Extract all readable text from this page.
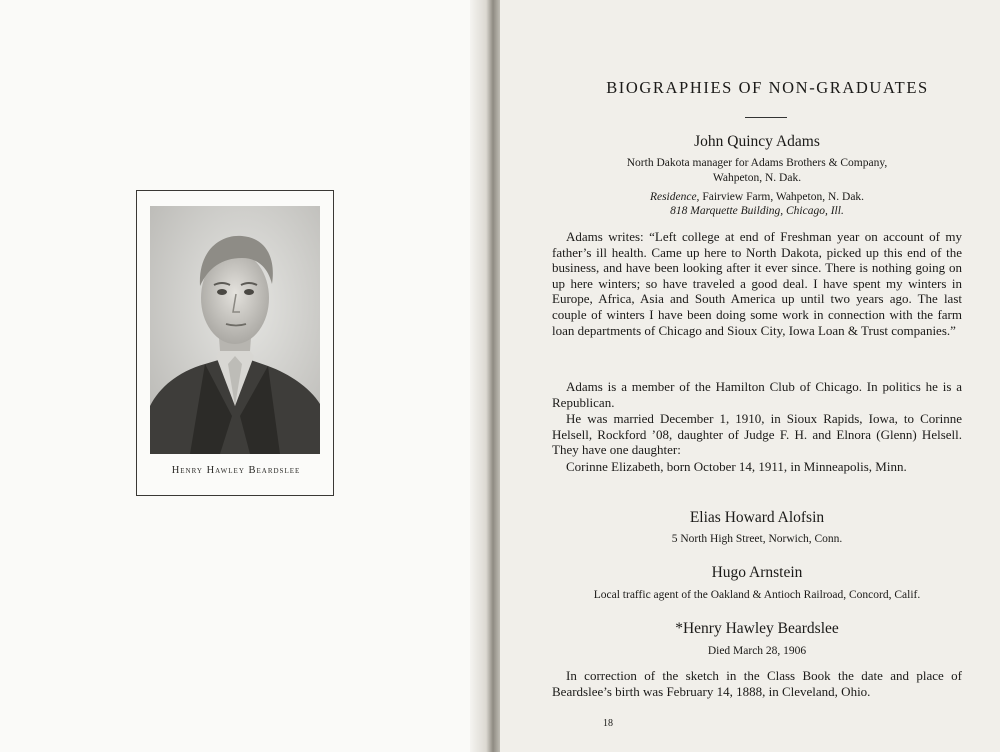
Henry Hawley Beardslee
BIOGRAPHIES OF NON-GRADUATES
John Quincy Adams
North Dakota manager for Adams Brothers & Company,
Wahpeton, N. Dak.
Residence, Fairview Farm, Wahpeton, N. Dak.
818 Marquette Building, Chicago, Ill.

Adams writes: “Left college at end of Freshman year on account of my father’s ill health. Came up here to North Dakota, picked up this end of the business, and have been looking after it ever since. There is nothing going on up here winters; so have traveled a good deal. I have spent my winters in Europe, Africa, Asia and South America up until two years ago. The last couple of winters I have been doing some work in connection with the farm loan departments of Chicago and Sioux City, Iowa Loan & Trust companies.”

Adams is a member of the Hamilton Club of Chicago. In politics he is a Republican.

He was married December 1, 1910, in Sioux Rapids, Iowa, to Corinne Helsell, Rockford ’08, daughter of Judge F. H. and Elnora (Glenn) Helsell. They have one daughter:

Corinne Elizabeth, born October 14, 1911, in Minneapolis, Minn.

Elias Howard Alofsin
5 North High Street, Norwich, Conn.
Hugo Arnstein
Local traffic agent of the Oakland & Antioch Railroad, Concord, Calif.
*Henry Hawley Beardslee
Died March 28, 1906

In correction of the sketch in the Class Book the date and place of Beardslee’s birth was February 14, 1888, in Cleveland, Ohio.

18
